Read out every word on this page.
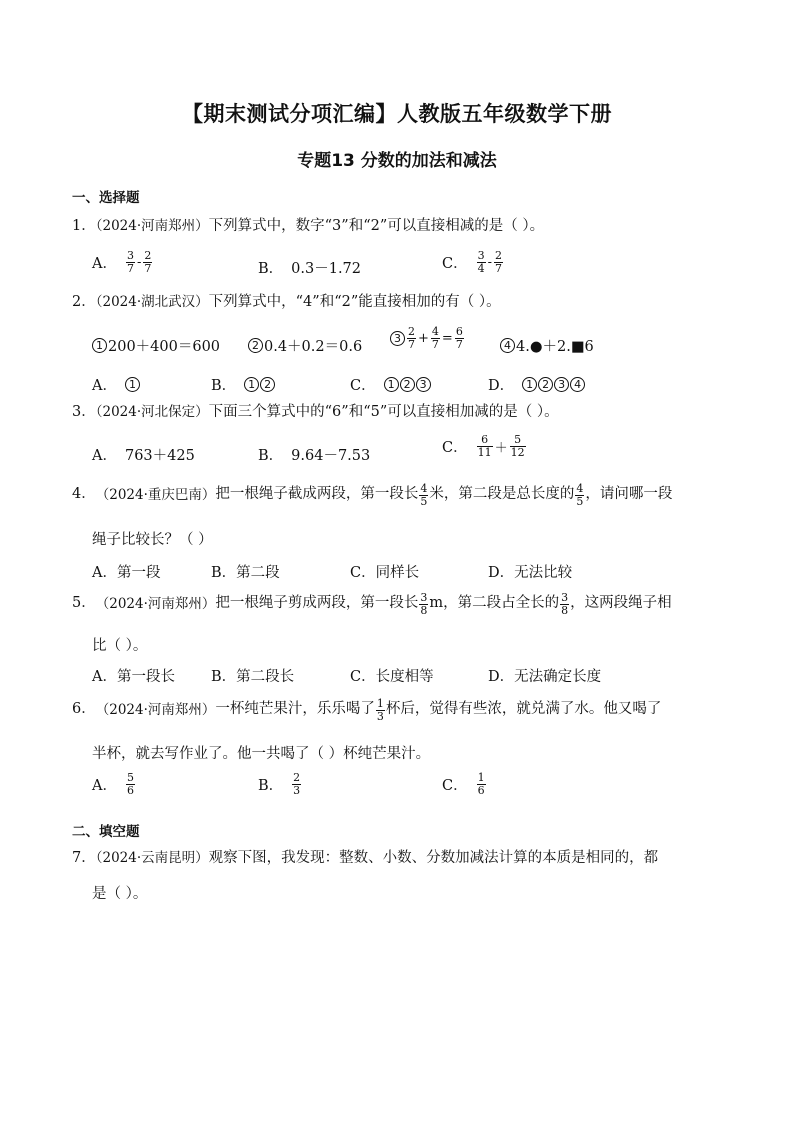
【期末测试分项汇编】人教版五年级数学下册
专题13 分数的加法和减法
一、选择题
1．（2024·河南郑州）下列算式中，数字“3”和“2”可以直接相减的是（ ）。
A． $\frac{3}{7} - \frac{2}{7}$	B． 0.3－1.72	C． $\frac{3}{4} - \frac{2}{7}$
2．（2024·湖北武汉）下列算式中，“4”和“2”能直接相加的有（ ）。
1 200＋400＝600	2 0.4＋0.2＝0.6
$3 \frac{2}{7} + \frac{4}{7} = \frac{6}{7}$	4 4.●＋2.■6
A．	1	B．	1 2	C．	1 2 3	D．	1 2 3 4
3．（2024·河北保定）下面三个算式中的“6”和“5”可以直接相加减的是（ ）。
A． 763＋425	B． 9.64－7.53
C． $\frac{6}{11} + \frac{5}{12}$
4． （2024·重庆巴南） 把一根绳子截成两段，第一段长 $\frac{4}{5}$ 米，第二段是总长度的 $\frac{4}{5}$ ，请问哪一段
绳子比较长？（ ）
A．第一段	B．第二段	C．同样长	D．无法比较
5． （2024·河南郑州） 把一根绳子剪成两段，第一段长 $\frac{3}{8}$ m，第二段占全长的 $\frac{3}{8}$ ，这两段绳子相
比（ ）。
A．第一段长 B．第二段长	C．长度相等	D．无法确定长度
6． （2024·河南郑州） 一杯纯芒果汁，乐乐喝了 $\frac{1}{3}$ 杯后，觉得有些浓，就兑满了水。他又喝了
半杯，就去写作业了。他一共喝了（ ）杯纯芒果汁。
A． $\frac{5}{6}$	B． $\frac{2}{3}$	C． $\frac{1}{6}$
二、填空题
7．（2024·云南昆明）观察下图，我发现：整数、小数、分数加减法计算的本质是相同的，都
是（ ）。
